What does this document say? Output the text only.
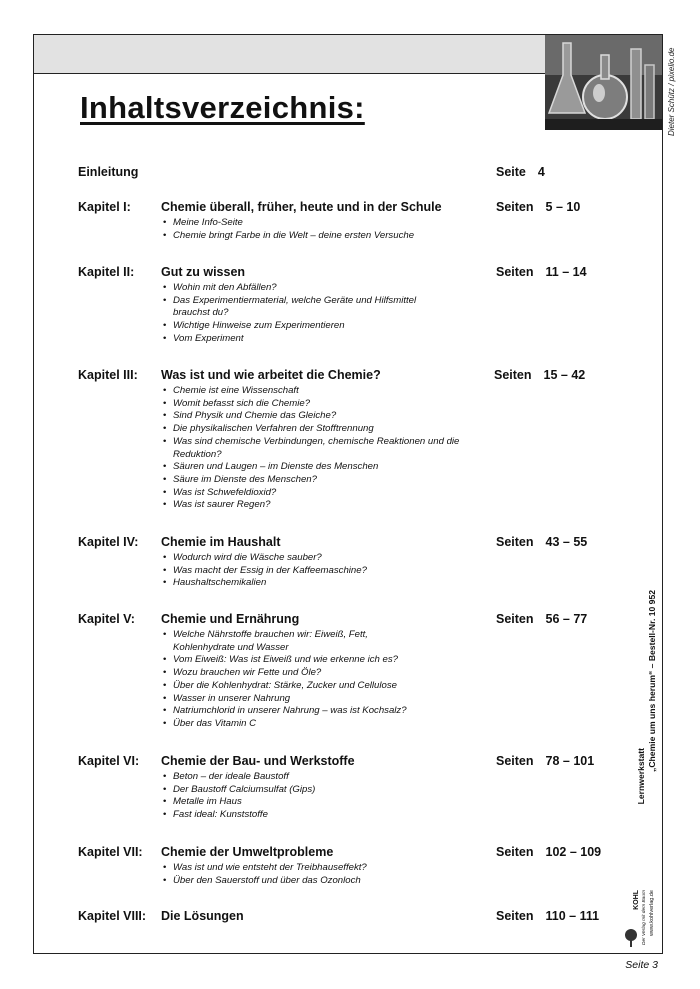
Dieter Schütz / pixelio.de
Inhaltsverzeichnis:
Einleitung	Seite 4
Kapitel I: Chemie überall, früher, heute und in der Schule	Seiten 5 – 10
• Meine Info-Seite
• Chemie bringt Farbe in die Welt – deine ersten Versuche
Kapitel II: Gut zu wissen	Seiten 11 – 14
• Wohin mit den Abfällen?
• Das Experimentiermaterial, welche Geräte und Hilfsmittel brauchst du?
• Wichtige Hinweise zum Experimentieren
• Vom Experiment
Kapitel III: Was ist und wie arbeitet die Chemie?	Seiten 15 – 42
• Chemie ist eine Wissenschaft
• Womit befasst sich die Chemie?
• Sind Physik und Chemie das Gleiche?
• Die physikalischen Verfahren der Stofftrennung
• Was sind chemische Verbindungen, chemische Reaktionen und die Reduktion?
• Säuren und Laugen – im Dienste des Menschen
• Säure im Dienste des Menschen?
• Was ist Schwefeldioxid?
• Was ist saurer Regen?
Kapitel IV: Chemie im Haushalt	Seiten 43 – 55
• Wodurch wird die Wäsche sauber?
• Was macht der Essig in der Kaffeemaschine?
• Haushaltschemikalien
Kapitel V: Chemie und Ernährung	Seiten 56 – 77
• Welche Nährstoffe brauchen wir: Eiweiß, Fett, Kohlenhydrate und Wasser
• Vom Eiweiß: Was ist Eiweiß und wie erkenne ich es?
• Wozu brauchen wir Fette und Öle?
• Über die Kohlenhydrat: Stärke, Zucker und Cellulose
• Wasser in unserer Nahrung
• Natriumchlorid in unserer Nahrung – was ist Kochsalz?
• Über das Vitamin C
Kapitel VI: Chemie der Bau- und Werkstoffe	Seiten 78 – 101
• Beton – der ideale Baustoff
• Der Baustoff Calciumsulfat (Gips)
• Metalle im Haus
• Fast ideal: Kunststoffe
Kapitel VII: Chemie der Umweltprobleme	Seiten 102 – 109
• Was ist und wie entsteht der Treibhauseffekt?
• Über den Sauerstoff und über das Ozonloch
Kapitel VIII: Die Lösungen	Seiten 110 – 111
Lernwerkstatt
„Chemie um uns herum“ – Bestell-Nr. 10 952
KOHL Der Verlag mit dem Baum www.kohlverlag.de
Seite 3
